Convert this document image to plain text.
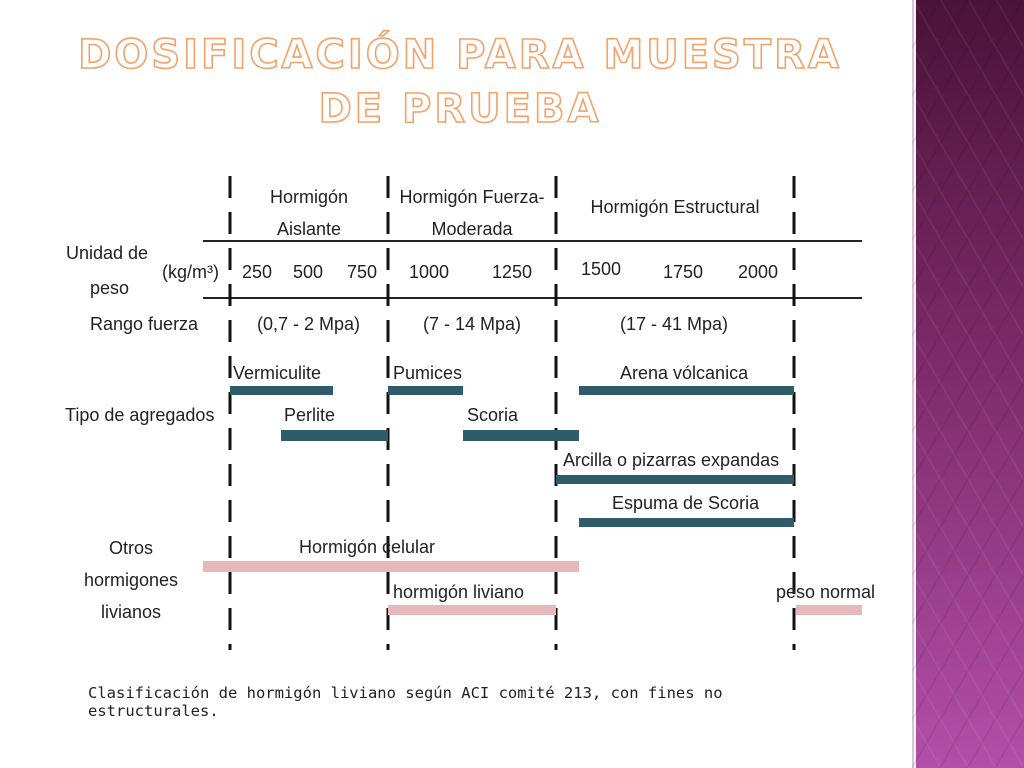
DOSIFICACIÓN PARA MUESTRA DE PRUEBA
Hormigón
Aislante
Hormigón Fuerza-
Moderada
Hormigón Estructural
Unidad de
peso
(kg/m³) 250 500 750 1000 1250	1500 1750 2000
Rango fuerza	(0,7 - 2 Mpa)	(7 - 14 Mpa)	(17 - 41 Mpa)
Vermiculite	Pumices	Arena vólcanica
Tipo de agregados	Perlite	Scoria
Arcilla o pizarras expandas
Espuma de Scoria
Otros
hormigones
livianos
Hormigón celular
hormigón liviano	peso normal
Clasificación de hormigón liviano según ACI comité 213, con fines no estructurales.
